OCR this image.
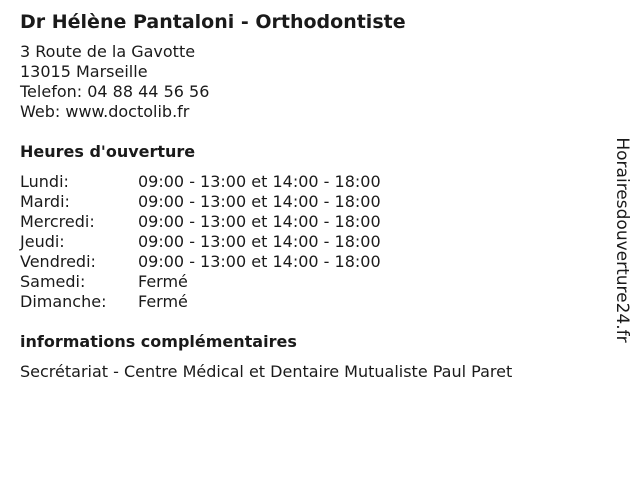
Dr Hélène Pantaloni - Orthodontiste
3 Route de la Gavotte
13015 Marseille
Telefon: 04 88 44 56 56
Web: www.doctolib.fr
Heures d'ouverture
Lundi:	09:00 - 13:00 et 14:00 - 18:00
Mardi:	09:00 - 13:00 et 14:00 - 18:00
Mercredi:	09:00 - 13:00 et 14:00 - 18:00
Jeudi:	09:00 - 13:00 et 14:00 - 18:00
Vendredi:	09:00 - 13:00 et 14:00 - 18:00
Samedi:	Fermé
Dimanche:	Fermé
informations complémentaires
Secrétariat - Centre Médical et Dentaire Mutualiste Paul Paret
Horairesdouverture24.fr
